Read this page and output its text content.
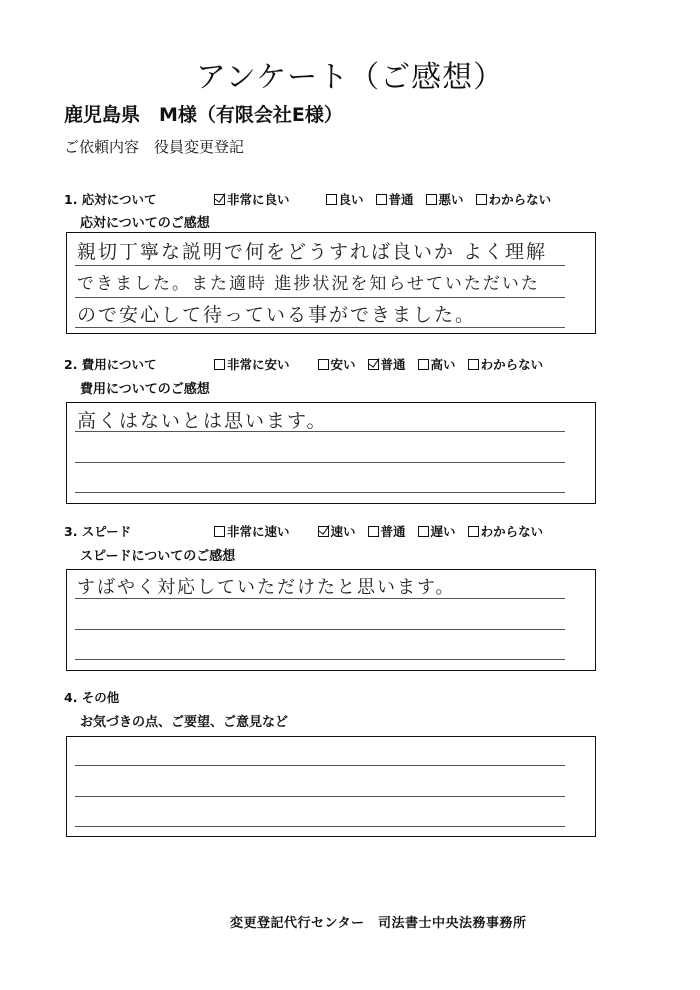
アンケート（ご感想）
鹿児島県　M様（有限会社E様）
ご依頼内容　役員変更登記
1. 応対について	非常に良い	良い	普通	悪い	わからない
応対についてのご感想
親切丁寧な説明で何をどうすれば良いか よく理解
できました。また適時 進捗状況を知らせていただいた
ので安心して待っている事ができました。
2. 費用について	非常に安い	安い	普通	高い	わからない
費用についてのご感想
高くはないとは思います。
3. スピード	非常に速い	速い	普通	遅い	わからない
スピードについてのご感想
すばやく対応していただけたと思います。
4. その他
お気づきの点、ご要望、ご意見など
変更登記代行センター　司法書士中央法務事務所
